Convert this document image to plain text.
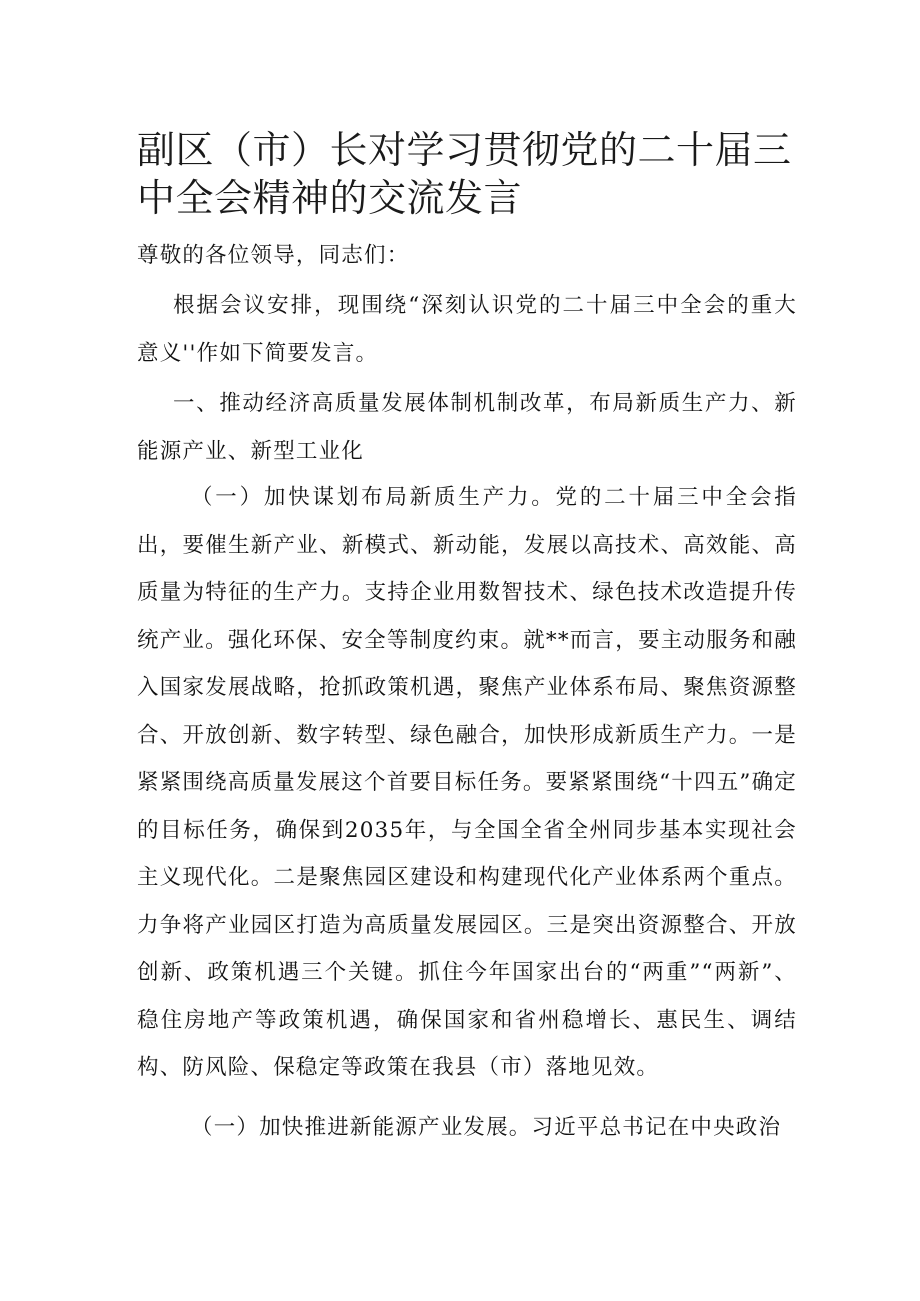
副区（市）长对学习贯彻党的二十届三中全会精神的交流发言

尊敬的各位领导，同志们：

根据会议安排，现围绕“深刻认识党的二十届三中全会的重大意义''作如下简要发言。

一、推动经济高质量发展体制机制改革，布局新质生产力、新能源产业、新型工业化

（一）加快谋划布局新质生产力。党的二十届三中全会指出，要催生新产业、新模式、新动能，发展以高技术、高效能、高质量为特征的生产力。支持企业用数智技术、绿色技术改造提升传统产业。强化环保、安全等制度约束。就**而言，要主动服务和融入国家发展战略，抢抓政策机遇，聚焦产业体系布局、聚焦资源整合、开放创新、数字转型、绿色融合，加快形成新质生产力。一是紧紧围绕高质量发展这个首要目标任务。要紧紧围绕“十四五”确定的目标任务，确保到2035年，与全国全省全州同步基本实现社会主义现代化。二是聚焦园区建设和构建现代化产业体系两个重点。力争将产业园区打造为高质量发展园区。三是突出资源整合、开放创新、政策机遇三个关键。抓住今年国家出台的“两重”“两新”、稳住房地产等政策机遇，确保国家和省州稳增长、惠民生、调结构、防风险、保稳定等政策在我县（市）落地见效。

（一）加快推进新能源产业发展。习近平总书记在中央政治
